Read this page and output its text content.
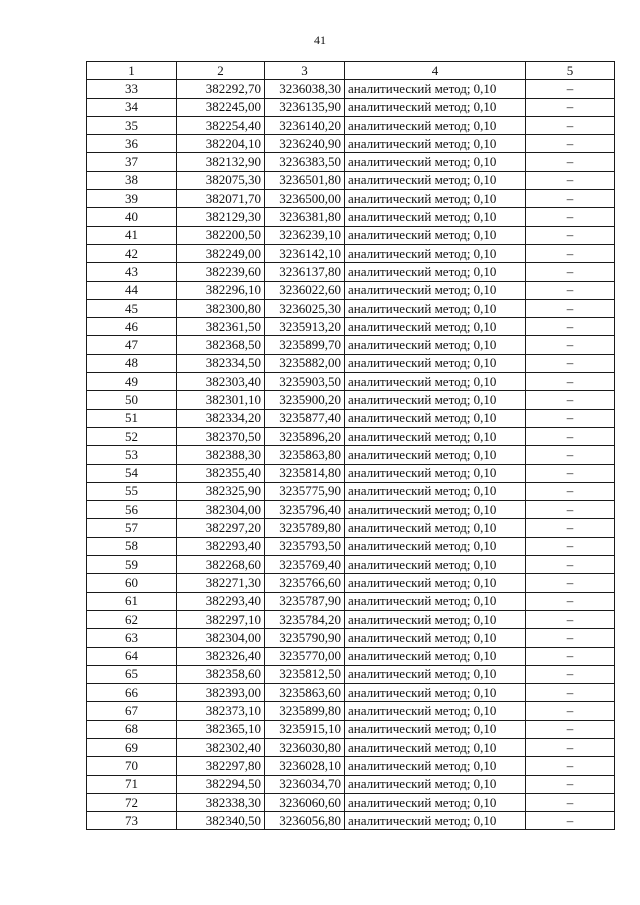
41
1	2	3	4	5
33	382292,70	3236038,30	аналитический метод; 0,10	–
34	382245,00	3236135,90	аналитический метод; 0,10	–
35	382254,40	3236140,20	аналитический метод; 0,10	–
36	382204,10	3236240,90	аналитический метод; 0,10	–
37	382132,90	3236383,50	аналитический метод; 0,10	–
38	382075,30	3236501,80	аналитический метод; 0,10	–
39	382071,70	3236500,00	аналитический метод; 0,10	–
40	382129,30	3236381,80	аналитический метод; 0,10	–
41	382200,50	3236239,10	аналитический метод; 0,10	–
42	382249,00	3236142,10	аналитический метод; 0,10	–
43	382239,60	3236137,80	аналитический метод; 0,10	–
44	382296,10	3236022,60	аналитический метод; 0,10	–
45	382300,80	3236025,30	аналитический метод; 0,10	–
46	382361,50	3235913,20	аналитический метод; 0,10	–
47	382368,50	3235899,70	аналитический метод; 0,10	–
48	382334,50	3235882,00	аналитический метод; 0,10	–
49	382303,40	3235903,50	аналитический метод; 0,10	–
50	382301,10	3235900,20	аналитический метод; 0,10	–
51	382334,20	3235877,40	аналитический метод; 0,10	–
52	382370,50	3235896,20	аналитический метод; 0,10	–
53	382388,30	3235863,80	аналитический метод; 0,10	–
54	382355,40	3235814,80	аналитический метод; 0,10	–
55	382325,90	3235775,90	аналитический метод; 0,10	–
56	382304,00	3235796,40	аналитический метод; 0,10	–
57	382297,20	3235789,80	аналитический метод; 0,10	–
58	382293,40	3235793,50	аналитический метод; 0,10	–
59	382268,60	3235769,40	аналитический метод; 0,10	–
60	382271,30	3235766,60	аналитический метод; 0,10	–
61	382293,40	3235787,90	аналитический метод; 0,10	–
62	382297,10	3235784,20	аналитический метод; 0,10	–
63	382304,00	3235790,90	аналитический метод; 0,10	–
64	382326,40	3235770,00	аналитический метод; 0,10	–
65	382358,60	3235812,50	аналитический метод; 0,10	–
66	382393,00	3235863,60	аналитический метод; 0,10	–
67	382373,10	3235899,80	аналитический метод; 0,10	–
68	382365,10	3235915,10	аналитический метод; 0,10	–
69	382302,40	3236030,80	аналитический метод; 0,10	–
70	382297,80	3236028,10	аналитический метод; 0,10	–
71	382294,50	3236034,70	аналитический метод; 0,10	–
72	382338,30	3236060,60	аналитический метод; 0,10	–
73	382340,50	3236056,80	аналитический метод; 0,10	–
